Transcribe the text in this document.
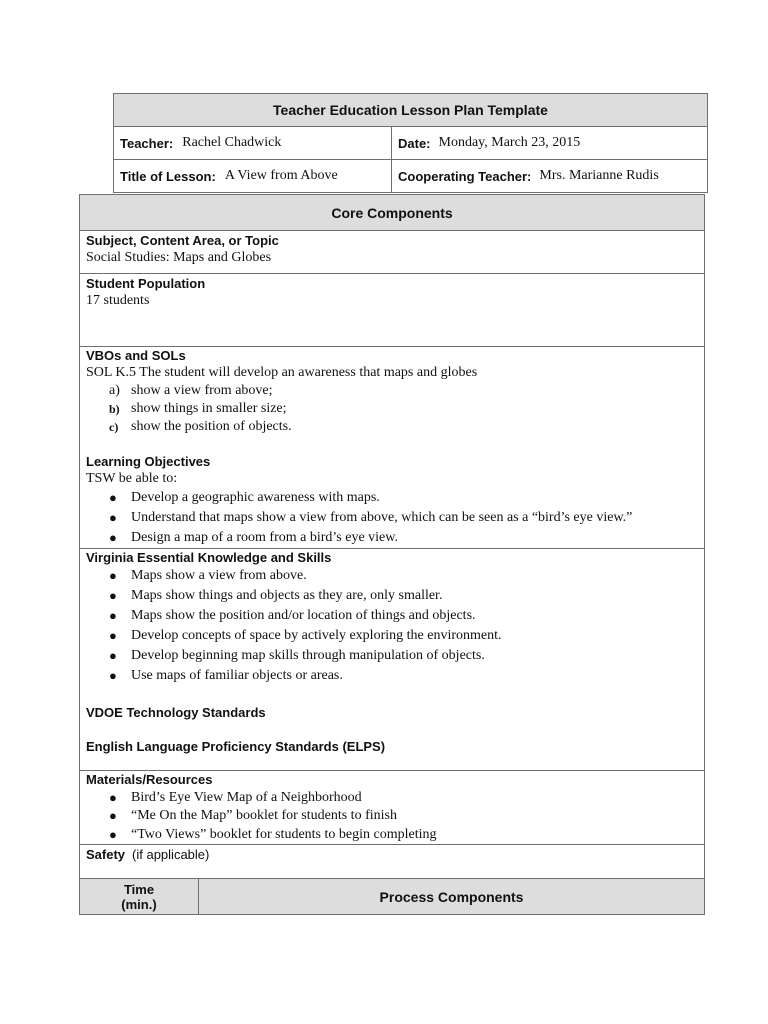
Teacher Education Lesson Plan Template
Teacher: Rachel Chadwick	Date: Monday, March 23, 2015
Title of Lesson: A View from Above	Cooperating Teacher: Mrs. Marianne Rudis
Core Components
Subject, Content Area, or Topic
Social Studies: Maps and Globes
Student Population
17 students
VBOs and SOLs
SOL K.5 The student will develop an awareness that maps and globes
a) show a view from above;
b) show things in smaller size;
c) show the position of objects.
Learning Objectives
TSW be able to:
● Develop a geographic awareness with maps.
● Understand that maps show a view from above, which can be seen as a “bird’s eye view.”
● Design a map of a room from a bird’s eye view.
Virginia Essential Knowledge and Skills
● Maps show a view from above.
● Maps show things and objects as they are, only smaller.
● Maps show the position and/or location of things and objects.
● Develop concepts of space by actively exploring the environment.
● Develop beginning map skills through manipulation of objects.
● Use maps of familiar objects or areas.
VDOE Technology Standards
English Language Proficiency Standards (ELPS)
Materials/Resources
● Bird’s Eye View Map of a Neighborhood
● “Me On the Map” booklet for students to finish
● “Two Views” booklet for students to begin completing
Safety (if applicable)
Time
(min.)	Process Components
